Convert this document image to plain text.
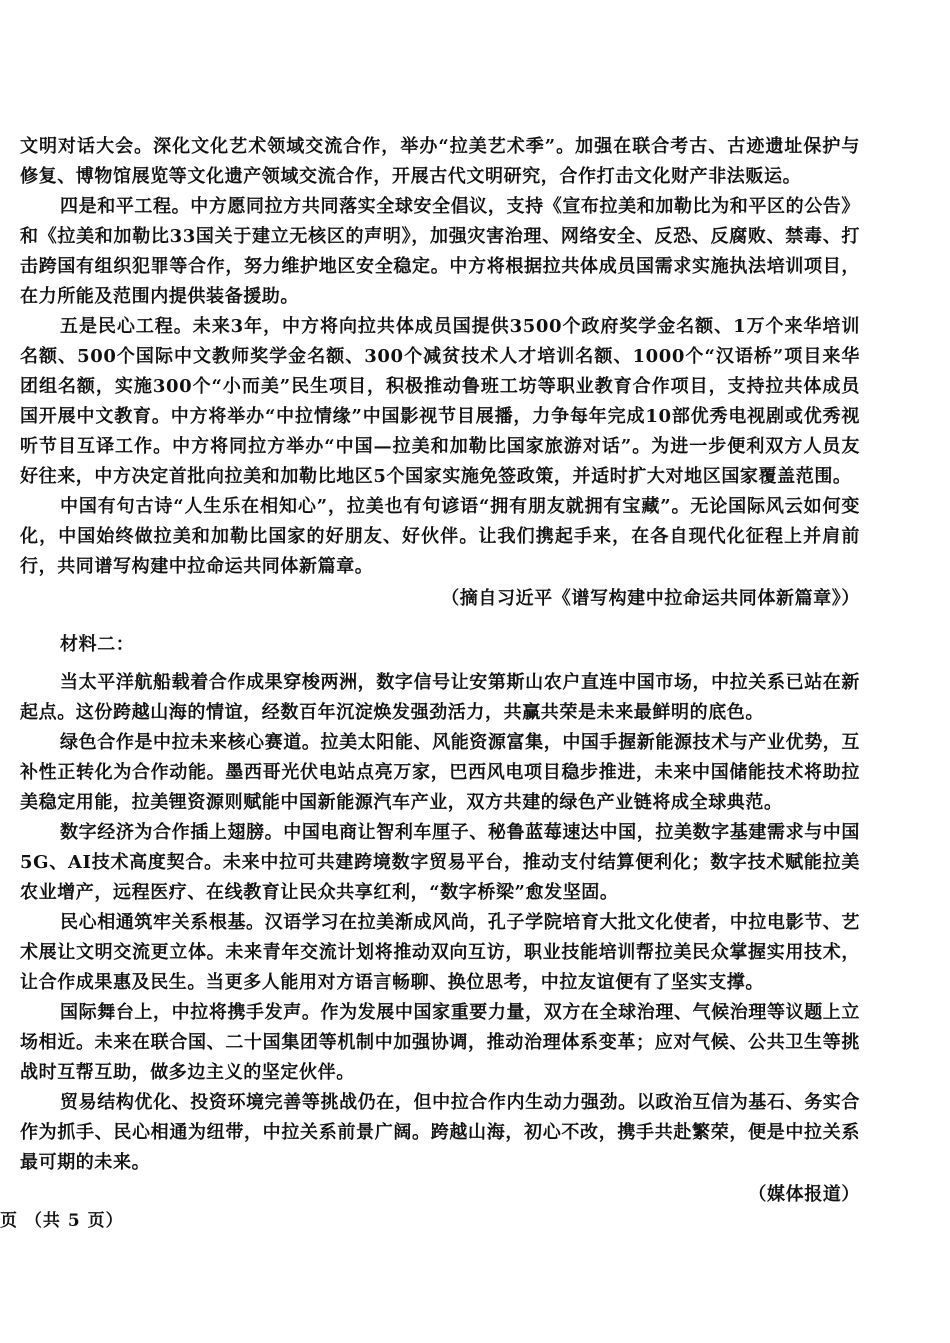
文明对话大会。深化文化艺术领域交流合作，举办“拉美艺术季”。加强在联合考古、古迹遗址保护与修复、博物馆展览等文化遗产领域交流合作，开展古代文明研究，合作打击文化财产非法贩运。

四是和平工程。中方愿同拉方共同落实全球安全倡议，支持《宣布拉美和加勒比为和平区的公告》和《拉美和加勒比33国关于建立无核区的声明》，加强灾害治理、网络安全、反恐、反腐败、禁毒、打击跨国有组织犯罪等合作，努力维护地区安全稳定。中方将根据拉共体成员国需求实施执法培训项目，在力所能及范围内提供装备援助。

五是民心工程。未来3年，中方将向拉共体成员国提供3500个政府奖学金名额、1万个来华培训名额、500个国际中文教师奖学金名额、300个减贫技术人才培训名额、1000个“汉语桥”项目来华团组名额，实施300个“小而美”民生项目，积极推动鲁班工坊等职业教育合作项目，支持拉共体成员国开展中文教育。中方将举办“中拉情缘”中国影视节目展播，力争每年完成10部优秀电视剧或优秀视听节目互译工作。中方将同拉方举办“中国—拉美和加勒比国家旅游对话”。为进一步便利双方人员友好往来，中方决定首批向拉美和加勒比地区5个国家实施免签政策，并适时扩大对地区国家覆盖范围。

中国有句古诗“人生乐在相知心”，拉美也有句谚语“拥有朋友就拥有宝藏”。无论国际风云如何变化，中国始终做拉美和加勒比国家的好朋友、好伙伴。让我们携起手来，在各自现代化征程上并肩前行，共同谱写构建中拉命运共同体新篇章。

（摘自习近平《谱写构建中拉命运共同体新篇章》）

材料二：

当太平洋航船载着合作成果穿梭两洲，数字信号让安第斯山农户直连中国市场，中拉关系已站在新起点。这份跨越山海的情谊，经数百年沉淀焕发强劲活力，共赢共荣是未来最鲜明的底色。

绿色合作是中拉未来核心赛道。拉美太阳能、风能资源富集，中国手握新能源技术与产业优势，互补性正转化为合作动能。墨西哥光伏电站点亮万家，巴西风电项目稳步推进，未来中国储能技术将助拉美稳定用能，拉美锂资源则赋能中国新能源汽车产业，双方共建的绿色产业链将成全球典范。

数字经济为合作插上翅膀。中国电商让智利车厘子、秘鲁蓝莓速达中国，拉美数字基建需求与中国5G、AI技术高度契合。未来中拉可共建跨境数字贸易平台，推动支付结算便利化；数字技术赋能拉美农业增产，远程医疗、在线教育让民众共享红利，“数字桥梁”愈发坚固。

民心相通筑牢关系根基。汉语学习在拉美渐成风尚，孔子学院培育大批文化使者，中拉电影节、艺术展让文明交流更立体。未来青年交流计划将推动双向互访，职业技能培训帮拉美民众掌握实用技术，让合作成果惠及民生。当更多人能用对方语言畅聊、换位思考，中拉友谊便有了坚实支撑。

国际舞台上，中拉将携手发声。作为发展中国家重要力量，双方在全球治理、气候治理等议题上立场相近。未来在联合国、二十国集团等机制中加强协调，推动治理体系变革；应对气候、公共卫生等挑战时互帮互助，做多边主义的坚定伙伴。

贸易结构优化、投资环境完善等挑战仍在，但中拉合作内生动力强劲。以政治互信为基石、务实合作为抓手、民心相通为纽带，中拉关系前景广阔。跨越山海，初心不改，携手共赴繁荣，便是中拉关系最可期的未来。

（媒体报道）

页 （共 5 页）
